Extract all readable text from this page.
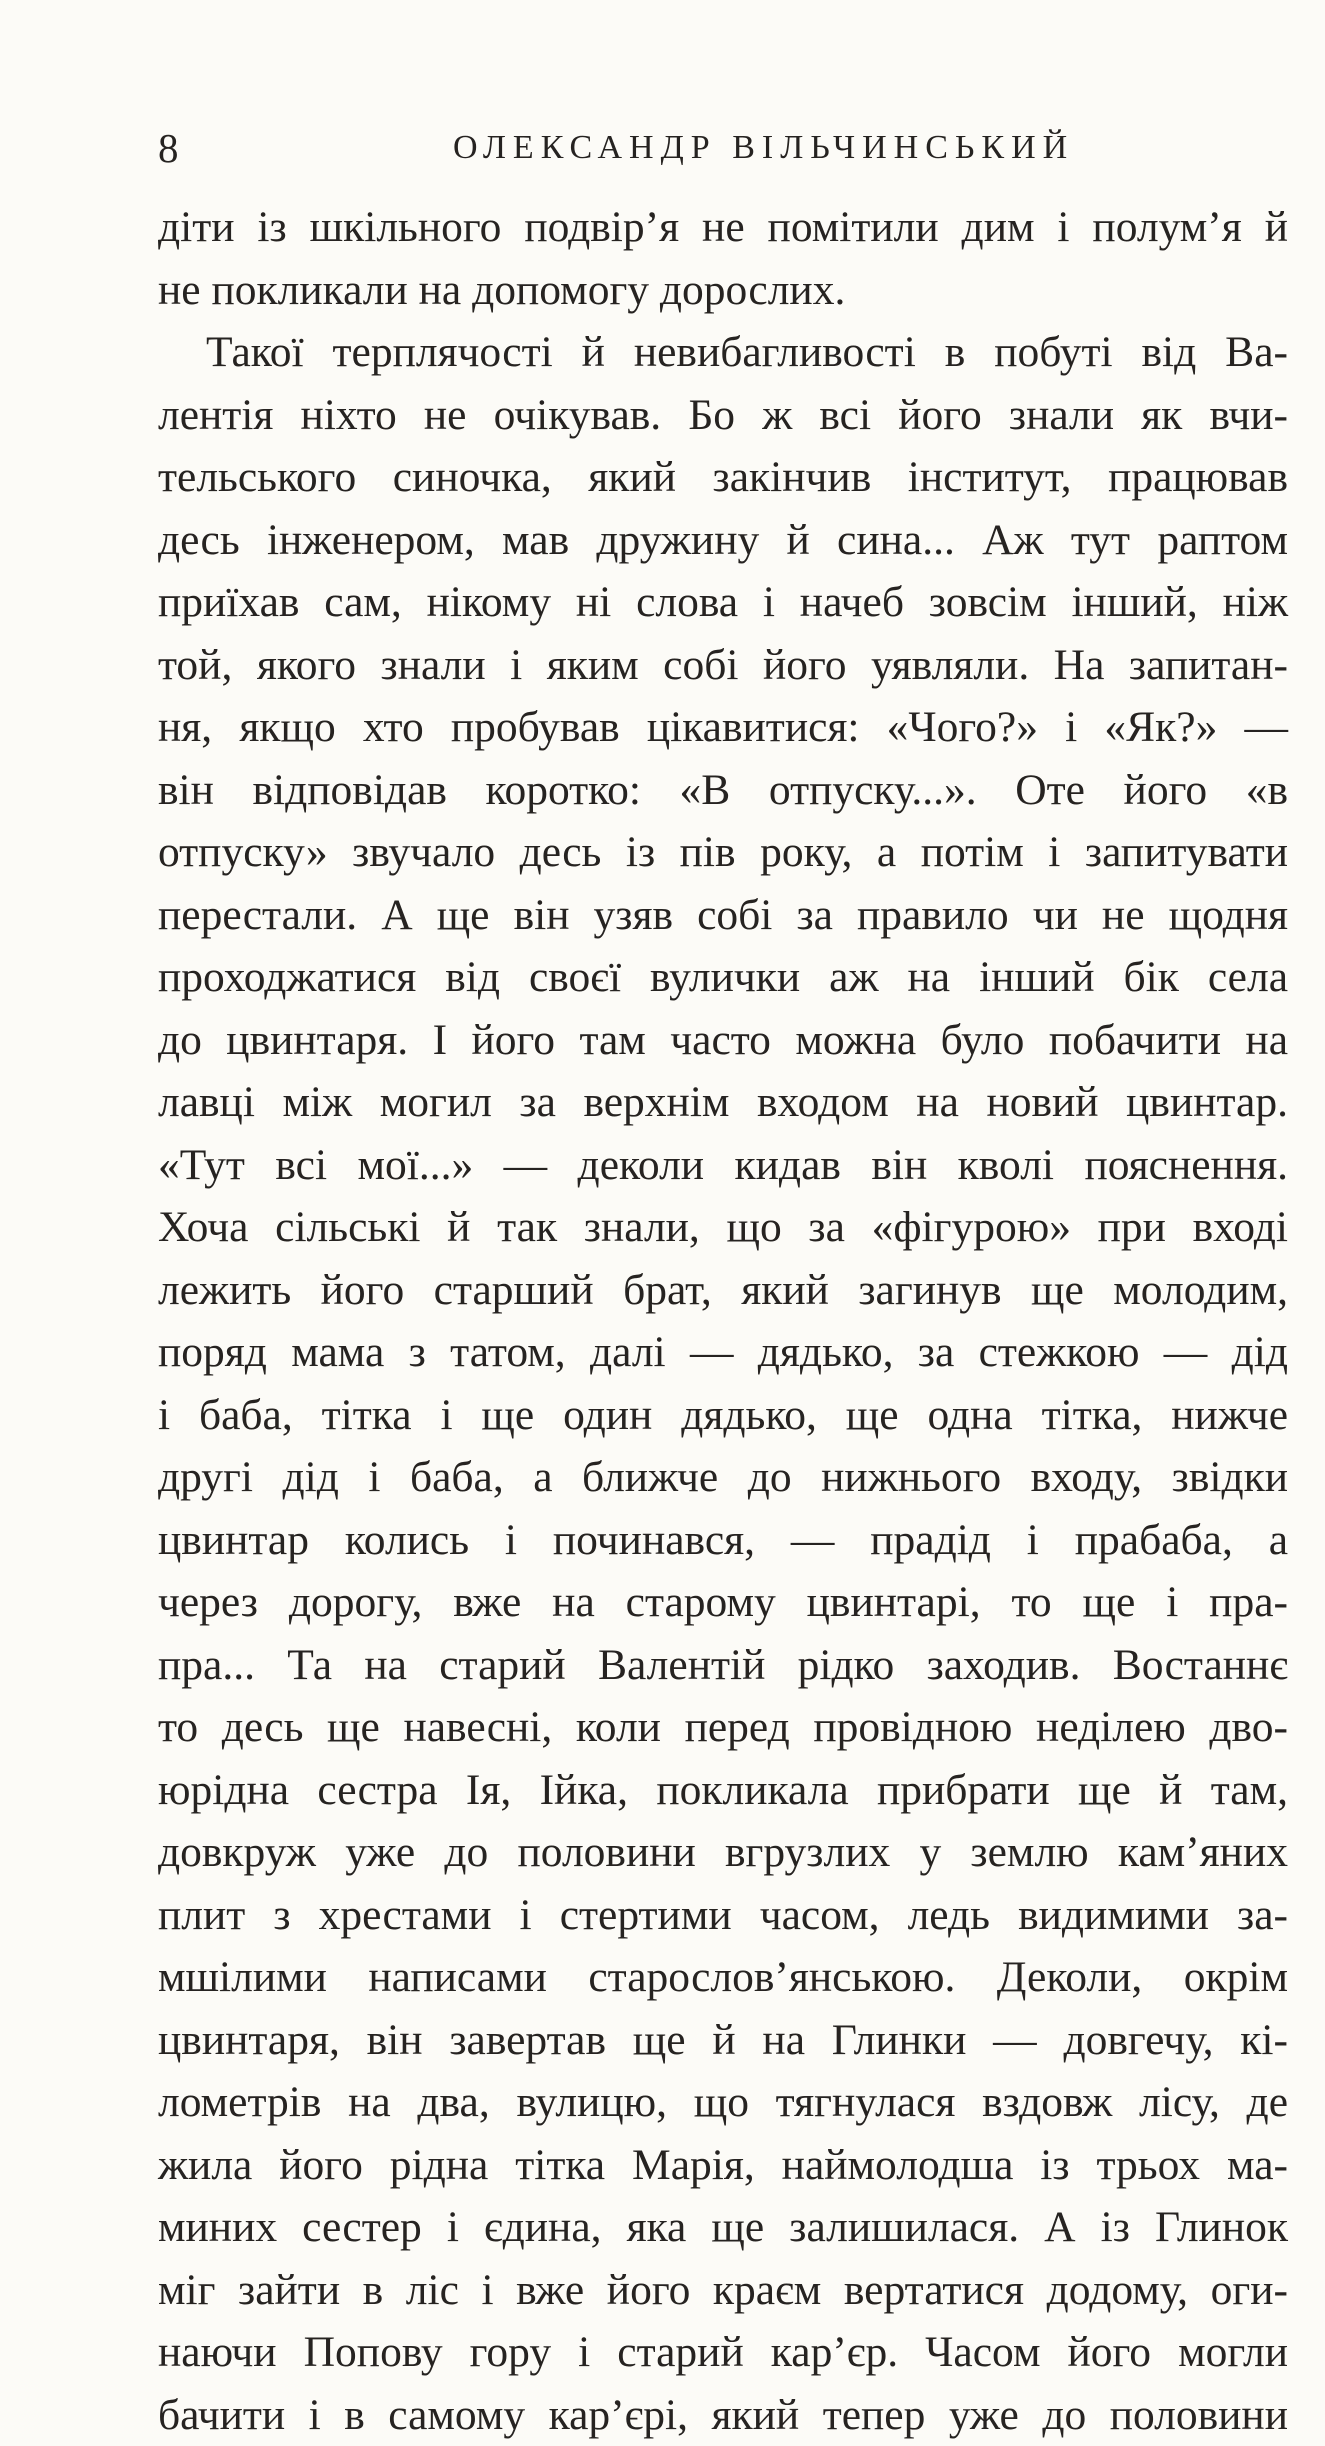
8	ОЛЕКСАНДР ВІЛЬЧИНСЬКИЙ
діти із шкільного подвір’я не помітили дим і полум’я й
не покликали на допомогу дорослих.
Такої терплячості й невибагливості в побуті від Ва-
лентія ніхто не очікував. Бо ж всі його знали як вчи-
тельського синочка, який закінчив інститут, працював
десь інженером, мав дружину й сина... Аж тут раптом
приїхав сам, нікому ні слова і начеб зовсім інший, ніж
той, якого знали і яким собі його уявляли. На запитан-
ня, якщо хто пробував цікавитися: «Чого?» і «Як?» —
він відповідав коротко: «В отпуску...». Оте його «в
отпуску» звучало десь із пів року, а потім і запитувати
перестали. А ще він узяв собі за правило чи не щодня
проходжатися від своєї вулички аж на інший бік села
до цвинтаря. І його там часто можна було побачити на
лавці між могил за верхнім входом на новий цвинтар.
«Тут всі мої...» — деколи кидав він кволі пояснення.
Хоча сільські й так знали, що за «фігурою» при вході
лежить його старший брат, який загинув ще молодим,
поряд мама з татом, далі — дядько, за стежкою — дід
і баба, тітка і ще один дядько, ще одна тітка, нижче
другі дід і баба, а ближче до нижнього входу, звідки
цвинтар колись і починався, — прадід і прабаба, а
через дорогу, вже на старому цвинтарі, то ще і пра-
пра... Та на старий Валентій рідко заходив. Востаннє
то десь ще навесні, коли перед провідною неділею дво-
юрідна сестра Ія, Ійка, покликала прибрати ще й там,
довкруж уже до половини вгрузлих у землю кам’яних
плит з хрестами і стертими часом, ледь видимими за-
мшілими написами старослов’янською. Деколи, окрім
цвинтаря, він завертав ще й на Глинки — довгечу, кі-
лометрів на два, вулицю, що тягнулася вздовж лісу, де
жила його рідна тітка Марія, наймолодша із трьох ма-
миних сестер і єдина, яка ще залишилася. А із Глинок
міг зайти в ліс і вже його краєм вертатися додому, оги-
наючи Попову гору і старий кар’єр. Часом його могли
бачити і в самому кар’єрі, який тепер уже до половини
